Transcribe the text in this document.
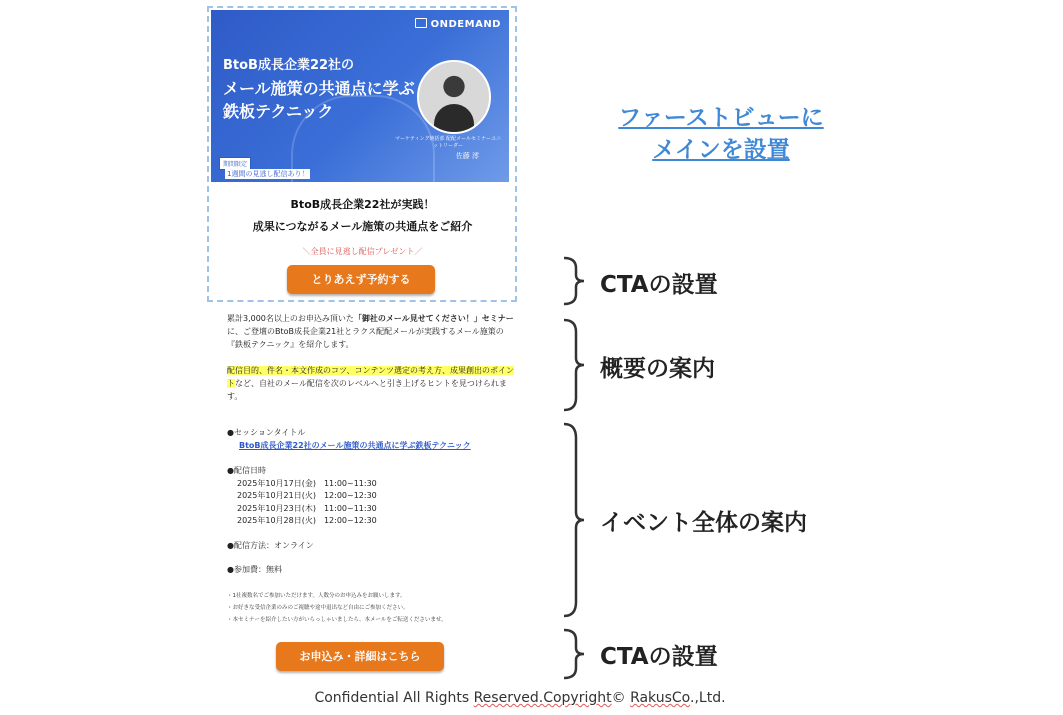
ONDEMAND
BtoB成長企業22社の
メール施策の共通点に学ぶ
鉄板テクニック
マーケティング統括部 配配メールセミナーユニットリーダー
佐藤 澪
期間限定
1週間の見逃し配信あり！
BtoB成長企業22社が実践！
成果につながるメール施策の共通点をご紹介
＼全員に見逃し配信プレゼント／
とりあえず予約する
累計3,000名以上のお申込み頂いた「御社のメール見せてください！」セミナーに、ご登壇のBtoB成長企業21社とラクス配配メールが実践するメール施策の『鉄板テクニック』を紹介します。
配信目的、件名・本文作成のコツ、コンテンツ選定の考え方、成果創出のポイントなど、自社のメール配信を次のレベルへと引き上げるヒントを見つけられます。
●セッションタイトル
BtoB成長企業22社のメール施策の共通点に学ぶ鉄板テクニック
●配信日時
2025年10月17日(金)　11:00~11:30
2025年10月21日(火)　12:00~12:30
2025年10月23日(木)　11:00~11:30
2025年10月28日(火)　12:00~12:30
●配信方法：オンライン
●参加費：無料
・1社複数名でご参加いただけます。人数分のお申込みをお願いします。
・お好きな受信企業のみのご視聴や途中退出など自由にご参加ください。
・本セミナーを紹介したい方がいらっしゃいましたら、本メールをご転送くださいませ。
お申込み・詳細はこちら
ファーストビューに
メインを設置
CTAの設置
概要の案内
イベント全体の案内
CTAの設置
Confidential All Rights Reserved.Copyright© RakusCo.,Ltd.
